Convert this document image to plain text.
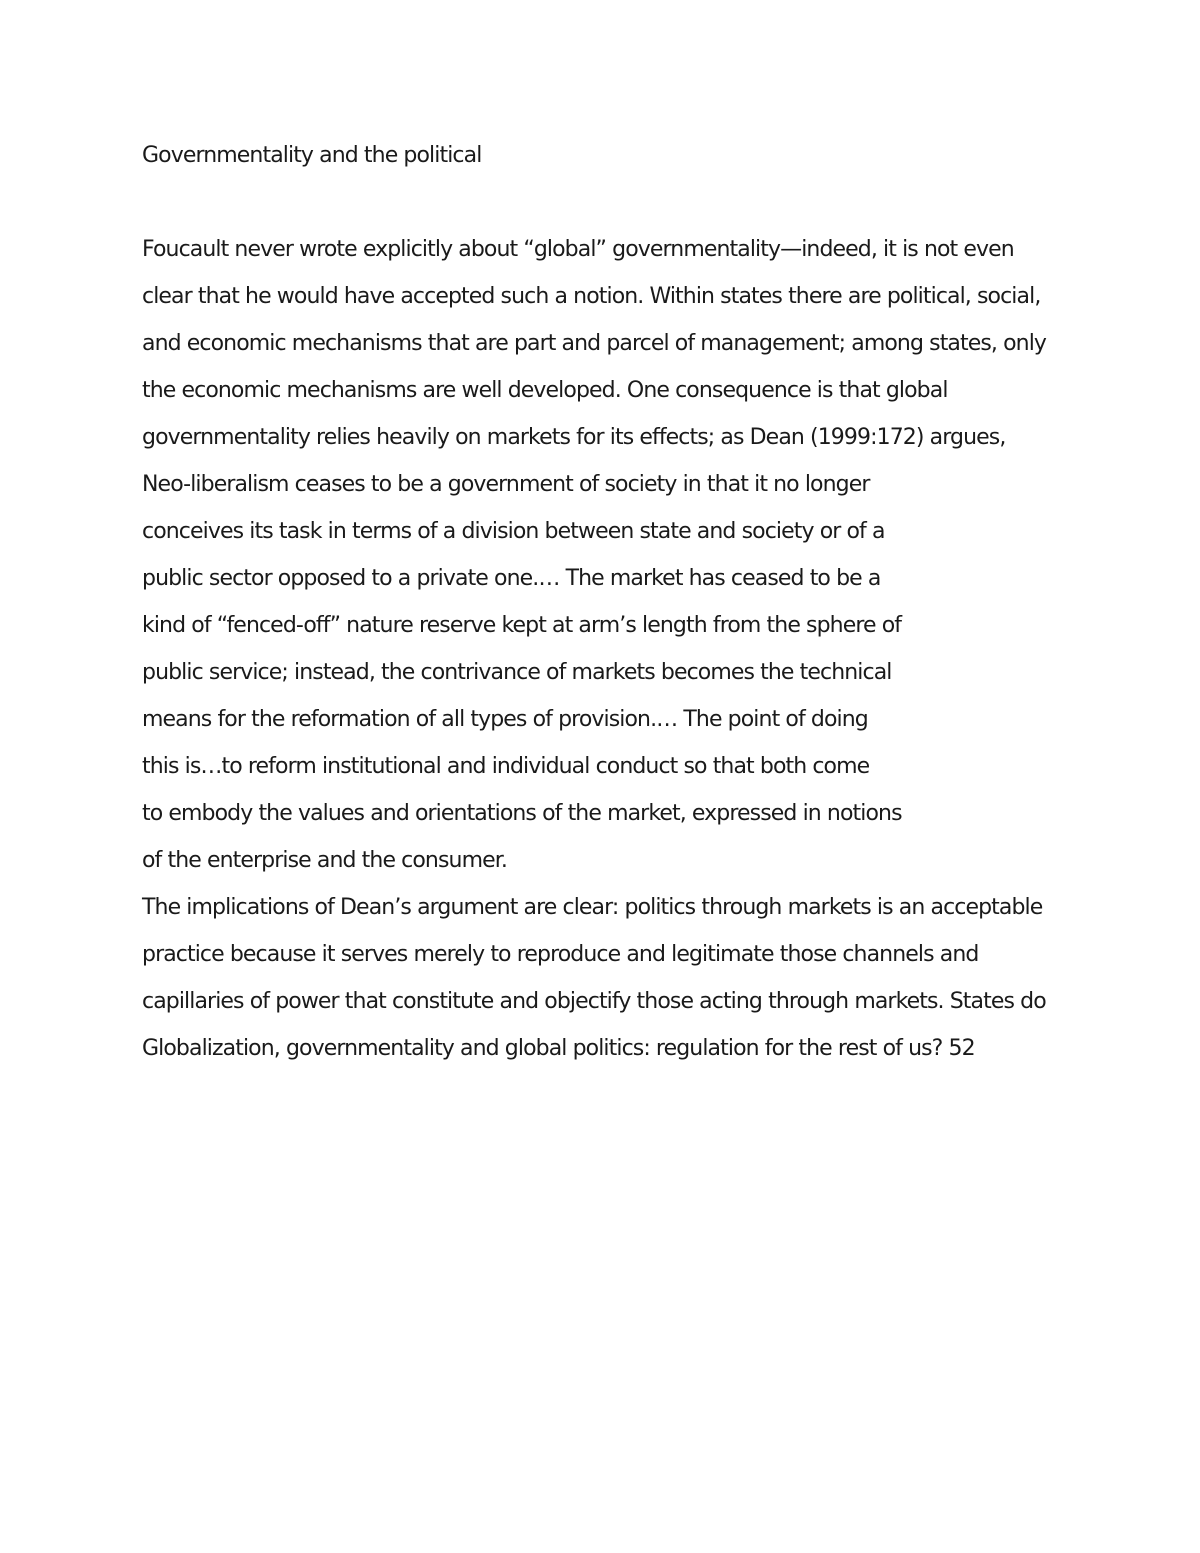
Governmentality and the political

Foucault never wrote explicitly about “global” governmentality—indeed, it is not even

clear that he would have accepted such a notion. Within states there are political, social,

and economic mechanisms that are part and parcel of management; among states, only

the economic mechanisms are well developed. One consequence is that global

governmentality relies heavily on markets for its effects; as Dean (1999:172) argues,

Neo-liberalism ceases to be a government of society in that it no longer

conceives its task in terms of a division between state and society or of a

public sector opposed to a private one.… The market has ceased to be a

kind of “fenced-off” nature reserve kept at arm’s length from the sphere of

public service; instead, the contrivance of markets becomes the technical

means for the reformation of all types of provision.… The point of doing

this is…to reform institutional and individual conduct so that both come

to embody the values and orientations of the market, expressed in notions

of the enterprise and the consumer.

The implications of Dean’s argument are clear: politics through markets is an acceptable

practice because it serves merely to reproduce and legitimate those channels and

capillaries of power that constitute and objectify those acting through markets. States do

Globalization, governmentality and global politics: regulation for the rest of us? 52
